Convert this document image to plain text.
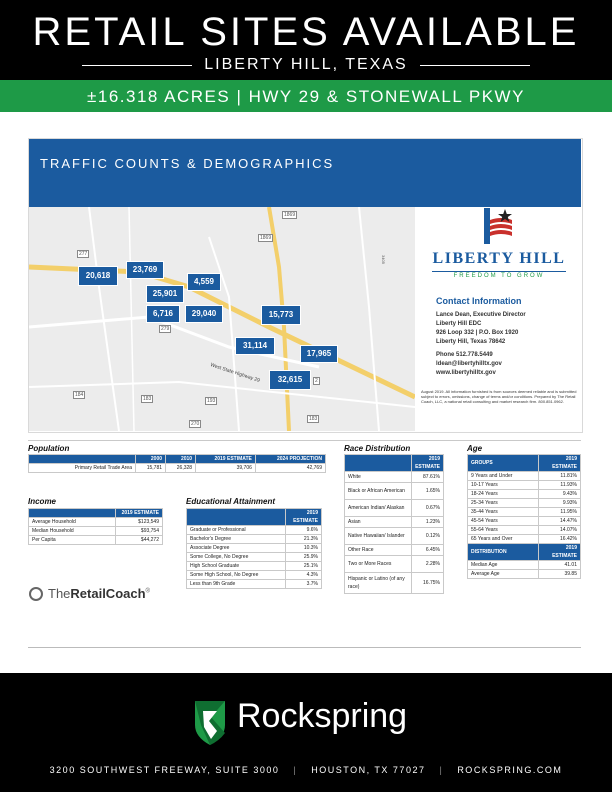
RETAIL SITES AVAILABLE
LIBERTY HILL, TEXAS
±16.318 ACRES | HWY 29 & STONEWALL PKWY
TRAFFIC COUNTS & DEMOGRAPHICS
West State Highway 29
277
1869
3405
279
1869
2
184
193
183
183
270
20,618
23,769
4,559
25,901
6,716	29,040	15,773
31,114
17,965
32,615
LIBERTY HILL
FREEDOM TO GROW
Contact Information
Lance Dean, Executive Director
Liberty Hill EDC
926 Loop 332 | P.O. Box 1920
Liberty Hill, Texas 78642
Phone 512.778.5449
ldean@libertyhilltx.gov
www.libertyhilltx.gov
August 2019. All information furnished is from sources deemed reliable and is submitted subject to errors, omissions, change of terms and/or conditions. Prepared by The Retail Coach, LLC, a national retail consulting and market research firm. 800.851.0962.
Population
	2000	2010	2019 ESTIMATE	2024 PROJECTION
Primary Retail Trade Area	15,781	26,328	39,706	42,769
Income
	2019 ESTIMATE
Average Household	$123,549
Median Household	$93,754
Per Capita	$44,272
TheRetailCoach®
Educational Attainment
	2019 ESTIMATE
Graduate or Professional	9.6%
Bachelor's Degree	21.3%
Associate Degree	10.3%
Some College, No Degree	25.9%
High School Graduate	25.1%
Some High School, No Degree	4.3%
Less than 9th Grade	3.7%
Race Distribution
	2019 ESTIMATE
White	87.61%
Black or African American	1.65%
American Indian/ Alaskan	0.67%
Asian	1.23%
Native Hawaiian/ Islander	0.12%
Other Race	6.45%
Two or More Races	2.28%
Hispanic or Latino (of any race)	16.75%
Age
GROUPS	2019 ESTIMATE
9 Years and Under	11.81%
10-17 Years	11.93%
18-24 Years	9.43%
25-34 Years	9.93%
35-44 Years	11.95%
45-54 Years	14.47%
55-64 Years	14.07%
65 Years and Over	16.42%
DISTRIBUTION	2019 ESTIMATE
Median Age	41.01
Average Age	39.85
Rockspring
3200 SOUTHWEST FREEWAY, SUITE 3000 | HOUSTON, TX 77027 | ROCKSPRING.COM
